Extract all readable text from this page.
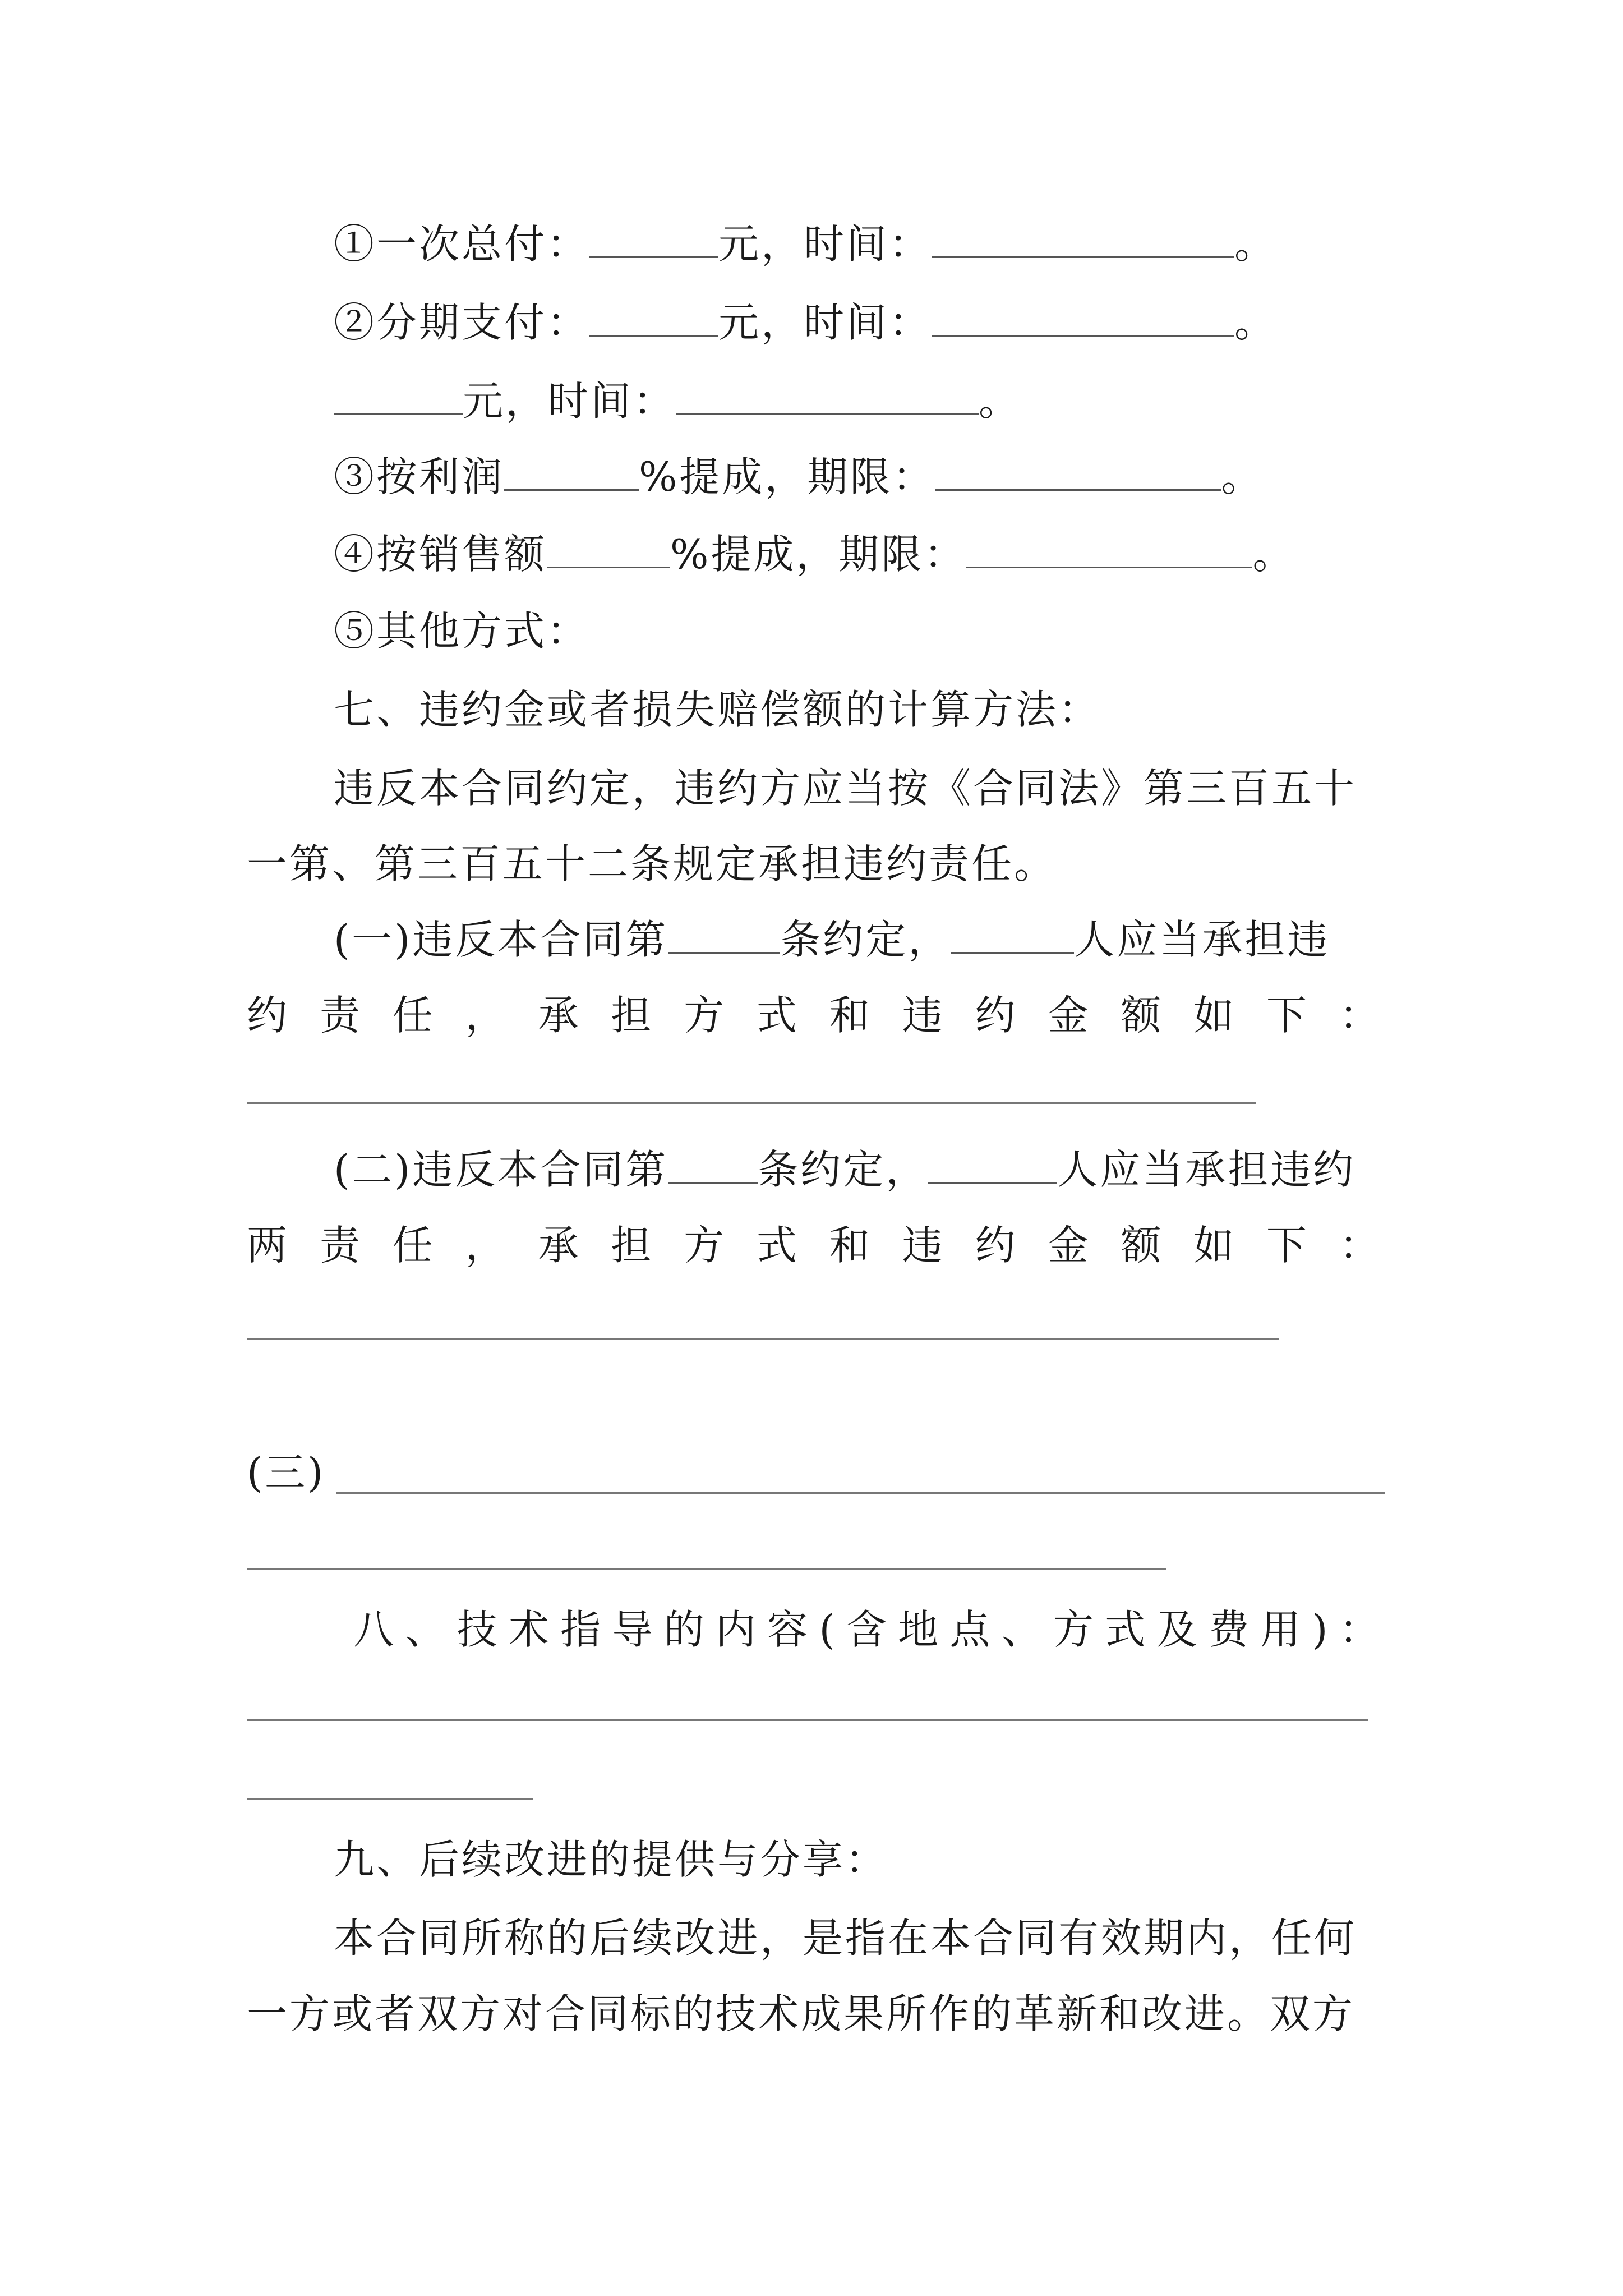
①一次总付：	元，时间：	。
②分期支付：	元，时间：	。
元，时间：	。
③按利润	%提成，期限：	。
④按销售额	%提成，期限：	。
⑤其他方式：
七、违约金或者损失赔偿额的计算方法：
违反本合同约定，违约方应当按《合同法》第三百五十
一第、第三百五十二条规定承担违约责任。
(一)违反本合同第	条约定，	人应当承担违
约 责 任 ， 承 担 方 式 和 违 约 金 额 如 下 ：
(二)违反本合同第 条约定，	人应当承担违约
两 责 任 ， 承 担 方 式 和 违 约 金 额 如 下 ：
(三)
八 、 技 术 指 导 的 内 容 ( 含 地 点 、 方 式 及 费 用 ) ：
九、后续改进的提供与分享：
本合同所称的后续改进，是指在本合同有效期内，任何
一方或者双方对合同标的技术成果所作的革新和改进。双方
